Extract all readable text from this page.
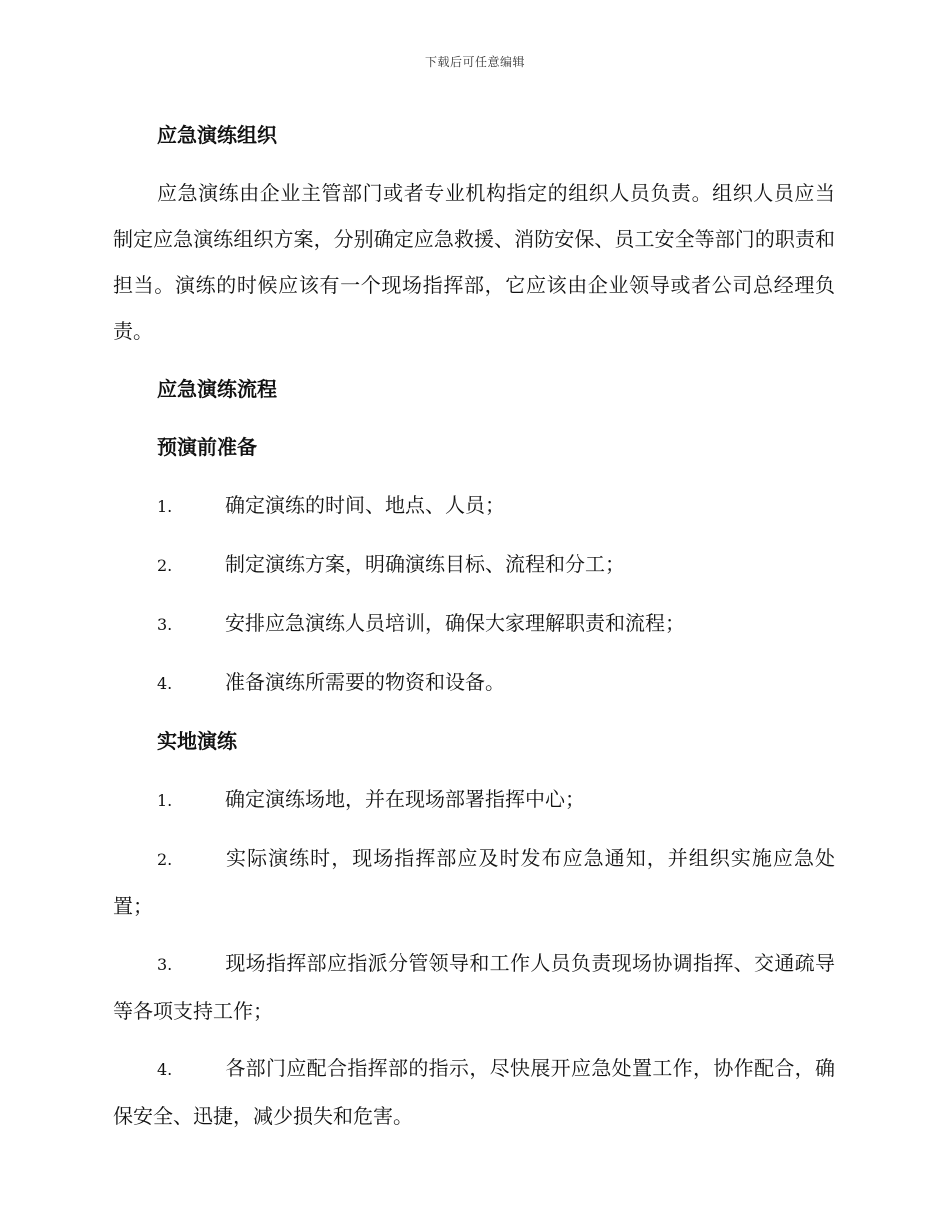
下载后可任意编辑
应急演练组织
应急演练由企业主管部门或者专业机构指定的组织人员负责。组织人员应当制定应急演练组织方案，分别确定应急救援、消防安保、员工安全等部门的职责和担当。演练的时候应该有一个现场指挥部，它应该由企业领导或者公司总经理负责。
应急演练流程
预演前准备
1.	确定演练的时间、地点、人员；
2.	制定演练方案，明确演练目标、流程和分工；
3.	安排应急演练人员培训，确保大家理解职责和流程；
4.	准备演练所需要的物资和设备。
实地演练
1.	确定演练场地，并在现场部署指挥中心；
2.	实际演练时，现场指挥部应及时发布应急通知，并组织实施应急处置；
3.	现场指挥部应指派分管领导和工作人员负责现场协调指挥、交通疏导等各项支持工作；
4.	各部门应配合指挥部的指示，尽快展开应急处置工作，协作配合，确保安全、迅捷，减少损失和危害。
